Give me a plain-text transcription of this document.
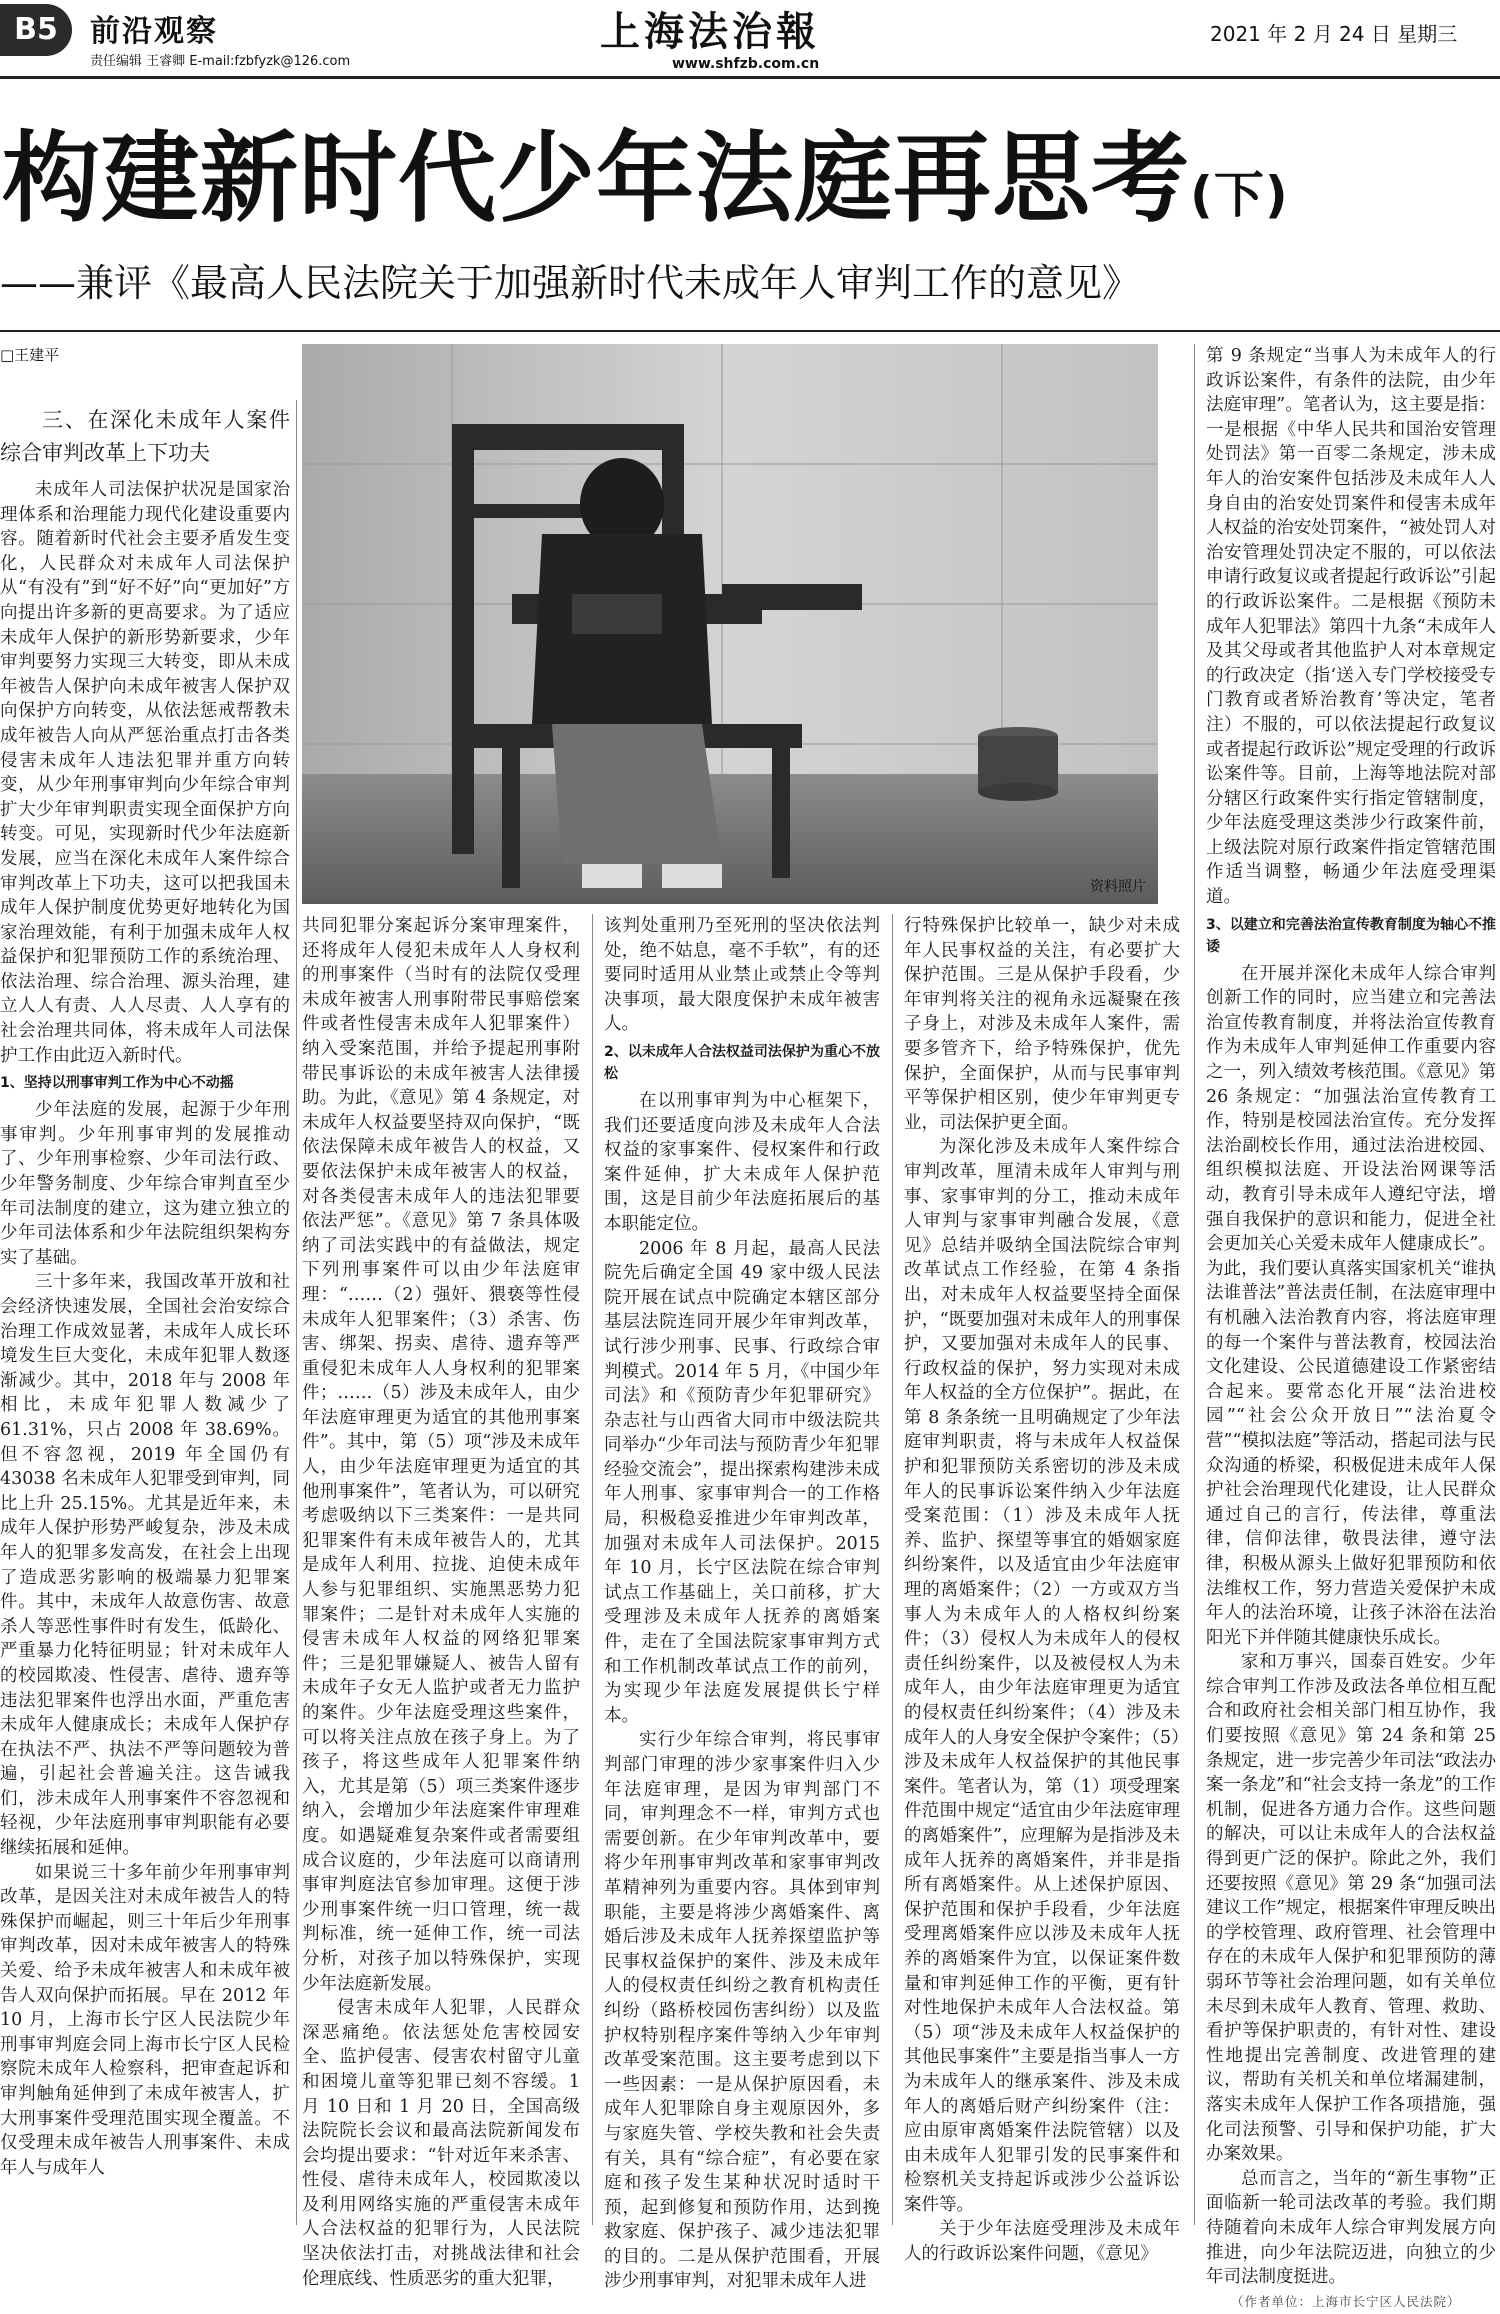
B5	前沿观察
责任编辑 王睿卿 E-mail:fzbfyzk@126.com
上海法治報
www.shfzb.com.cn
2021 年 2 月 24 日 星期三
构建新时代少年法庭再思考(下)
——兼评《最高人民法院关于加强新时代未成年人审判工作的意见》
□王建平
三、在深化未成年人案件综合审判改革上下功夫

未成年人司法保护状况是国家治理体系和治理能力现代化建设重要内容。随着新时代社会主要矛盾发生变化，人民群众对未成年人司法保护从“有没有”到“好不好”向“更加好”方向提出许多新的更高要求。为了适应未成年人保护的新形势新要求，少年审判要努力实现三大转变，即从未成年被告人保护向未成年被害人保护双向保护方向转变，从依法惩戒帮教未成年被告人向从严惩治重点打击各类侵害未成年人违法犯罪并重方向转变，从少年刑事审判向少年综合审判扩大少年审判职责实现全面保护方向转变。可见，实现新时代少年法庭新发展，应当在深化未成年人案件综合审判改革上下功夫，这可以把我国未成年人保护制度优势更好地转化为国家治理效能，有利于加强未成年人权益保护和犯罪预防工作的系统治理、依法治理、综合治理、源头治理，建立人人有责、人人尽责、人人享有的社会治理共同体，将未成年人司法保护工作由此迈入新时代。

1、坚持以刑事审判工作为中心不动摇

少年法庭的发展，起源于少年刑事审判。少年刑事审判的发展推动了、少年刑事检察、少年司法行政、少年警务制度、少年综合审判直至少年司法制度的建立，这为建立独立的少年司法体系和少年法院组织架构夯实了基础。

三十多年来，我国改革开放和社会经济快速发展，全国社会治安综合治理工作成效显著，未成年人成长环境发生巨大变化，未成年犯罪人数逐渐减少。其中，2018 年与 2008 年相比，未成年犯罪人数减少了 61.31%，只占 2008 年 38.69%。但不容忽视，2019 年全国仍有 43038 名未成年人犯罪受到审判，同比上升 25.15%。尤其是近年来，未成年人保护形势严峻复杂，涉及未成年人的犯罪多发高发，在社会上出现了造成恶劣影响的极端暴力犯罪案件。其中，未成年人故意伤害、故意杀人等恶性事件时有发生，低龄化、严重暴力化特征明显；针对未成年人的校园欺凌、性侵害、虐待、遗弃等违法犯罪案件也浮出水面，严重危害未成年人健康成长；未成年人保护存在执法不严、执法不严等问题较为普遍，引起社会普遍关注。这告诫我们，涉未成年人刑事案件不容忽视和轻视，少年法庭刑事审判职能有必要继续拓展和延伸。

如果说三十多年前少年刑事审判改革，是因关注对未成年被告人的特殊保护而崛起，则三十年后少年刑事审判改革，因对未成年被害人的特殊关爱、给予未成年被害人和未成年被告人双向保护而拓展。早在 2012 年 10 月，上海市长宁区人民法院少年刑事审判庭会同上海市长宁区人民检察院未成年人检察科，把审查起诉和审判触角延伸到了未成年被害人，扩大刑事案件受理范围实现全覆盖。不仅受理未成年被告人刑事案件、未成年人与成年人

资料照片

共同犯罪分案起诉分案审理案件，还将成年人侵犯未成年人人身权利的刑事案件（当时有的法院仅受理未成年被害人刑事附带民事赔偿案件或者性侵害未成年人犯罪案件）纳入受案范围，并给予提起刑事附带民事诉讼的未成年被害人法律援助。为此，《意见》第 4 条规定，对未成年人权益要坚持双向保护，“既依法保障未成年被告人的权益，又要依法保护未成年被害人的权益，对各类侵害未成年人的违法犯罪要依法严惩”。《意见》第 7 条具体吸纳了司法实践中的有益做法，规定下列刑事案件可以由少年法庭审理：“……（2）强奸、猥亵等性侵未成年人犯罪案件；（3）杀害、伤害、绑架、拐卖、虐待、遗弃等严重侵犯未成年人人身权利的犯罪案件；……（5）涉及未成年人，由少年法庭审理更为适宜的其他刑事案件”。其中，第（5）项“涉及未成年人，由少年法庭审理更为适宜的其他刑事案件”，笔者认为，可以研究考虑吸纳以下三类案件：一是共同犯罪案件有未成年被告人的，尤其是成年人利用、拉拢、迫使未成年人参与犯罪组织、实施黑恶势力犯罪案件；二是针对未成年人实施的侵害未成年人权益的网络犯罪案件；三是犯罪嫌疑人、被告人留有未成年子女无人监护或者无力监护的案件。少年法庭受理这些案件，可以将关注点放在孩子身上。为了孩子，将这些成年人犯罪案件纳入，尤其是第（5）项三类案件逐步纳入，会增加少年法庭案件审理难度。如遇疑难复杂案件或者需要组成合议庭的，少年法庭可以商请刑事审判庭法官参加审理。这便于涉少刑事案件统一归口管理，统一裁判标准，统一延伸工作，统一司法分析，对孩子加以特殊保护，实现少年法庭新发展。

侵害未成年人犯罪，人民群众深恶痛绝。依法惩处危害校园安全、监护侵害、侵害农村留守儿童和困境儿童等犯罪已刻不容缓。1 月 10 日和 1 月 20 日，全国高级法院院长会议和最高法院新闻发布会均提出要求：“针对近年来杀害、性侵、虐待未成年人，校园欺凌以及利用网络实施的严重侵害未成年人合法权益的犯罪行为，人民法院坚决依法打击，对挑战法律和社会伦理底线、性质恶劣的重大犯罪，

该判处重刑乃至死刑的坚决依法判处，绝不姑息，毫不手软”，有的还要同时适用从业禁止或禁止令等判决事项，最大限度保护未成年被害人。

2、以未成年人合法权益司法保护为重心不放松

在以刑事审判为中心框架下，我们还要适度向涉及未成年人合法权益的家事案件、侵权案件和行政案件延伸，扩大未成年人保护范围，这是目前少年法庭拓展后的基本职能定位。

2006 年 8 月起，最高人民法院先后确定全国 49 家中级人民法院开展在试点中院确定本辖区部分基层法院连同开展少年审判改革，试行涉少刑事、民事、行政综合审判模式。2014 年 5 月，《中国少年司法》和《预防青少年犯罪研究》杂志社与山西省大同市中级法院共同举办“少年司法与预防青少年犯罪经验交流会”，提出探索构建涉未成年人刑事、家事审判合一的工作格局，积极稳妥推进少年审判改革，加强对未成年人司法保护。2015 年 10 月，长宁区法院在综合审判试点工作基础上，关口前移，扩大受理涉及未成年人抚养的离婚案件，走在了全国法院家事审判方式和工作机制改革试点工作的前列，为实现少年法庭发展提供长宁样本。

实行少年综合审判，将民事审判部门审理的涉少家事案件归入少年法庭审理，是因为审判部门不同，审判理念不一样，审判方式也需要创新。在少年审判改革中，要将少年刑事审判改革和家事审判改革精神列为重要内容。具体到审判职能，主要是将涉少离婚案件、离婚后涉及未成年人抚养探望监护等民事权益保护的案件、涉及未成年人的侵权责任纠纷之教育机构责任纠纷（路桥校园伤害纠纷）以及监护权特别程序案件等纳入少年审判改革受案范围。这主要考虑到以下一些因素：一是从保护原因看，未成年人犯罪除自身主观原因外，多与家庭失管、学校失教和社会失责有关，具有“综合症”，有必要在家庭和孩子发生某种状况时适时干预，起到修复和预防作用，达到挽救家庭、保护孩子、减少违法犯罪的目的。二是从保护范围看，开展涉少刑事审判，对犯罪未成年人进

行特殊保护比较单一，缺少对未成年人民事权益的关注，有必要扩大保护范围。三是从保护手段看，少年审判将关注的视角永远凝聚在孩子身上，对涉及未成年人案件，需要多管齐下，给予特殊保护，优先保护，全面保护，从而与民事审判平等保护相区别，使少年审判更专业，司法保护更全面。

为深化涉及未成年人案件综合审判改革，厘清未成年人审判与刑事、家事审判的分工，推动未成年人审判与家事审判融合发展，《意见》总结并吸纳全国法院综合审判改革试点工作经验，在第 4 条指出，对未成年人权益要坚持全面保护，“既要加强对未成年人的刑事保护，又要加强对未成年人的民事、行政权益的保护，努力实现对未成年人权益的全方位保护”。据此，在第 8 条条统一且明确规定了少年法庭审判职责，将与未成年人权益保护和犯罪预防关系密切的涉及未成年人的民事诉讼案件纳入少年法庭受案范围：（1）涉及未成年人抚养、监护、探望等事宜的婚姻家庭纠纷案件，以及适宜由少年法庭审理的离婚案件；（2）一方或双方当事人为未成年人的人格权纠纷案件；（3）侵权人为未成年人的侵权责任纠纷案件，以及被侵权人为未成年人，由少年法庭审理更为适宜的侵权责任纠纷案件；（4）涉及未成年人的人身安全保护令案件；（5）涉及未成年人权益保护的其他民事案件。笔者认为，第（1）项受理案件范围中规定“适宜由少年法庭审理的离婚案件”，应理解为是指涉及未成年人抚养的离婚案件，并非是指所有离婚案件。从上述保护原因、保护范围和保护手段看，少年法庭受理离婚案件应以涉及未成年人抚养的离婚案件为宜，以保证案件数量和审判延伸工作的平衡，更有针对性地保护未成年人合法权益。第（5）项“涉及未成年人权益保护的其他民事案件”主要是指当事人一方为未成年人的继承案件、涉及未成年人的离婚后财产纠纷案件（注：应由原审离婚案件法院管辖）以及由未成年人犯罪引发的民事案件和检察机关支持起诉或涉少公益诉讼案件等。

关于少年法庭受理涉及未成年人的行政诉讼案件问题，《意见》

第 9 条规定“当事人为未成年人的行政诉讼案件，有条件的法院，由少年法庭审理”。笔者认为，这主要是指：一是根据《中华人民共和国治安管理处罚法》第一百零二条规定，涉未成年人的治安案件包括涉及未成年人人身自由的治安处罚案件和侵害未成年人权益的治安处罚案件，“被处罚人对治安管理处罚决定不服的，可以依法申请行政复议或者提起行政诉讼”引起的行政诉讼案件。二是根据《预防未成年人犯罪法》第四十九条“未成年人及其父母或者其他监护人对本章规定的行政决定（指‘送入专门学校接受专门教育或者矫治教育’等决定，笔者注）不服的，可以依法提起行政复议或者提起行政诉讼”规定受理的行政诉讼案件等。目前，上海等地法院对部分辖区行政案件实行指定管辖制度，少年法庭受理这类涉少行政案件前，上级法院对原行政案件指定管辖范围作适当调整，畅通少年法庭受理渠道。

3、以建立和完善法治宣传教育制度为轴心不推诿

在开展并深化未成年人综合审判创新工作的同时，应当建立和完善法治宣传教育制度，并将法治宣传教育作为未成年人审判延伸工作重要内容之一，列入绩效考核范围。《意见》第 26 条规定：“加强法治宣传教育工作，特别是校园法治宣传。充分发挥法治副校长作用，通过法治进校园、组织模拟法庭、开设法治网课等活动，教育引导未成年人遵纪守法，增强自我保护的意识和能力，促进全社会更加关心关爱未成年人健康成长”。为此，我们要认真落实国家机关“谁执法谁普法”普法责任制，在法庭审理中有机融入法治教育内容，将法庭审理的每一个案件与普法教育，校园法治文化建设、公民道德建设工作紧密结合起来。要常态化开展“法治进校园”“社会公众开放日”“法治夏令营”“模拟法庭”等活动，搭起司法与民众沟通的桥梁，积极促进未成年人保护社会治理现代化建设，让人民群众通过自己的言行，传法律，尊重法律，信仰法律，敬畏法律，遵守法律，积极从源头上做好犯罪预防和依法维权工作，努力营造关爱保护未成年人的法治环境，让孩子沐浴在法治阳光下并伴随其健康快乐成长。

家和万事兴，国泰百姓安。少年综合审判工作涉及政法各单位相互配合和政府社会相关部门相互协作，我们要按照《意见》第 24 条和第 25 条规定，进一步完善少年司法“政法办案一条龙”和“社会支持一条龙”的工作机制，促进各方通力合作。这些问题的解决，可以让未成年人的合法权益得到更广泛的保护。除此之外，我们还要按照《意见》第 29 条“加强司法建议工作”规定，根据案件审理反映出的学校管理、政府管理、社会管理中存在的未成年人保护和犯罪预防的薄弱环节等社会治理问题，如有关单位未尽到未成年人教育、管理、救助、看护等保护职责的，有针对性、建设性地提出完善制度、改进管理的建议，帮助有关机关和单位堵漏建制，落实未成年人保护工作各项措施，强化司法预警、引导和保护功能，扩大办案效果。

总而言之，当年的“新生事物”正面临新一轮司法改革的考验。我们期待随着向未成年人综合审判发展方向推进，向少年法院迈进，向独立的少年司法制度挺进。

（作者单位：上海市长宁区人民法院）
